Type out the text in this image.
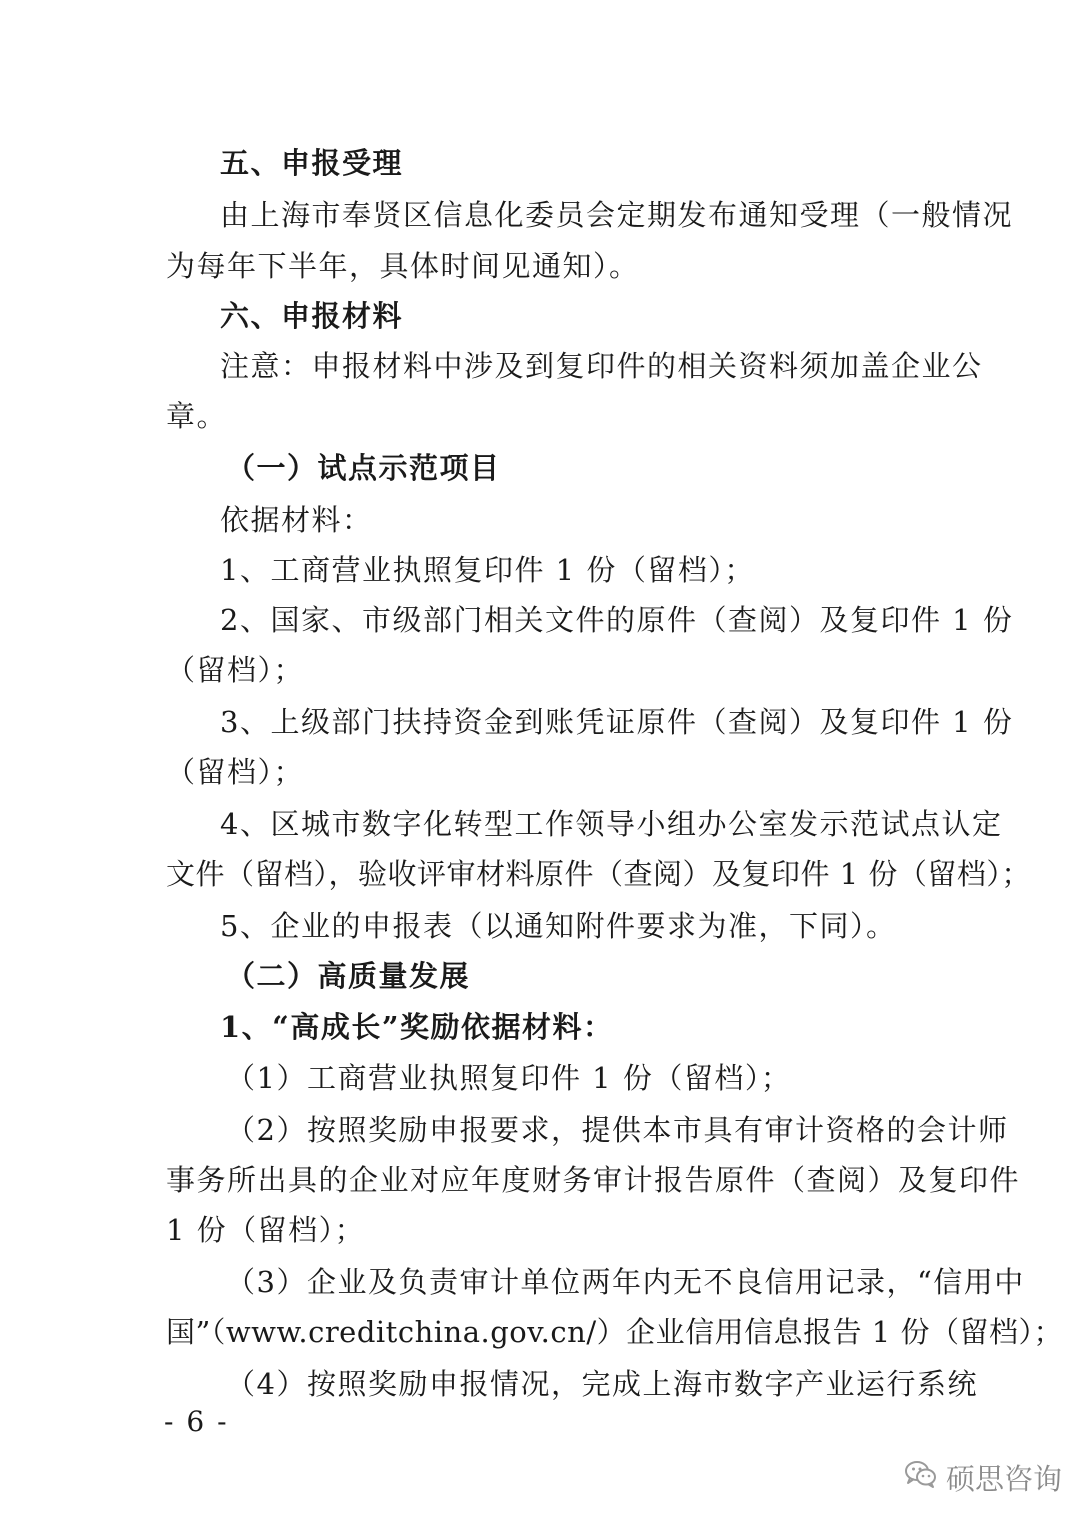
五、申报受理
由上海市奉贤区信息化委员会定期发布通知受理（一般情况
为每年下半年，具体时间见通知）。
六、申报材料
注意：申报材料中涉及到复印件的相关资料须加盖企业公
章。
（一）试点示范项目
依据材料：
1、工商营业执照复印件 1 份（留档）；
2、国家、市级部门相关文件的原件（查阅）及复印件 1 份
（留档）；
3、上级部门扶持资金到账凭证原件（查阅）及复印件 1 份
（留档）；
4、区城市数字化转型工作领导小组办公室发示范试点认定
文件（留档），验收评审材料原件（查阅）及复印件 1 份（留档）；
5、企业的申报表（以通知附件要求为准，下同）。
（二）高质量发展
1、“高成长”奖励依据材料：
（1）工商营业执照复印件 1 份（留档）；
（2）按照奖励申报要求，提供本市具有审计资格的会计师
事务所出具的企业对应年度财务审计报告原件（查阅）及复印件
1 份（留档）；
（3）企业及负责审计单位两年内无不良信用记录，“信用中
国”（www.creditchina.gov.cn/）企业信用信息报告 1 份（留档）；
（4）按照奖励申报情况，完成上海市数字产业运行系统
- 6 -
硕思咨询
